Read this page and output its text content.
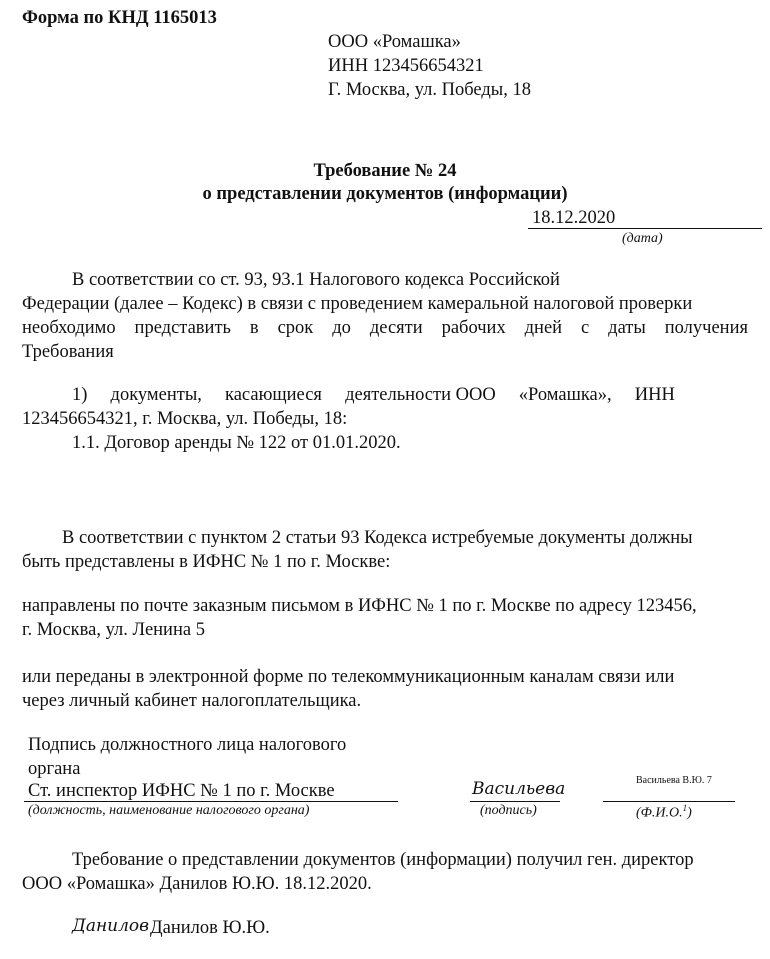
Форма по КНД 1165013
ООО «Ромашка»
ИНН 123456654321
Г. Москва, ул. Победы, 18
Требование № 24
о представлении документов (информации)
18.12.2020
(дата)
В соответствии со ст. 93, 93.1 Налогового кодекса Российской
Федерации (далее – Кодекс) в связи с проведением камеральной налоговой проверки
необходимо представить в срок до десяти рабочих дней с даты получения
Требования
1)     документы,     касающиеся     деятельности ООО     «Ромашка»,     ИНН
123456654321, г. Москва, ул. Победы, 18:
1.1. Договор аренды № 122 от 01.01.2020.
В соответствии с пунктом 2 статьи 93 Кодекса истребуемые документы должны
быть представлены в ИФНС № 1 по г. Москве:
направлены по почте заказным письмом в ИФНС № 1 по г. Москве по адресу 123456,
г. Москва, ул. Ленина 5
или переданы в электронной форме по телекоммуникационным каналам связи или
через личный кабинет налогоплательщика.
Подпись должностного лица налогового
органа
Ст. инспектор ИФНС № 1 по г. Москве
(должность, наименование налогового органа)
Васильева
(подпись)
Васильева В.Ю. 7
(Ф.И.О.$^1$)
Требование о представлении документов (информации) получил ген. директор
ООО «Ромашка» Данилов Ю.Ю. 18.12.2020.
Данилов Данилов Ю.Ю.
